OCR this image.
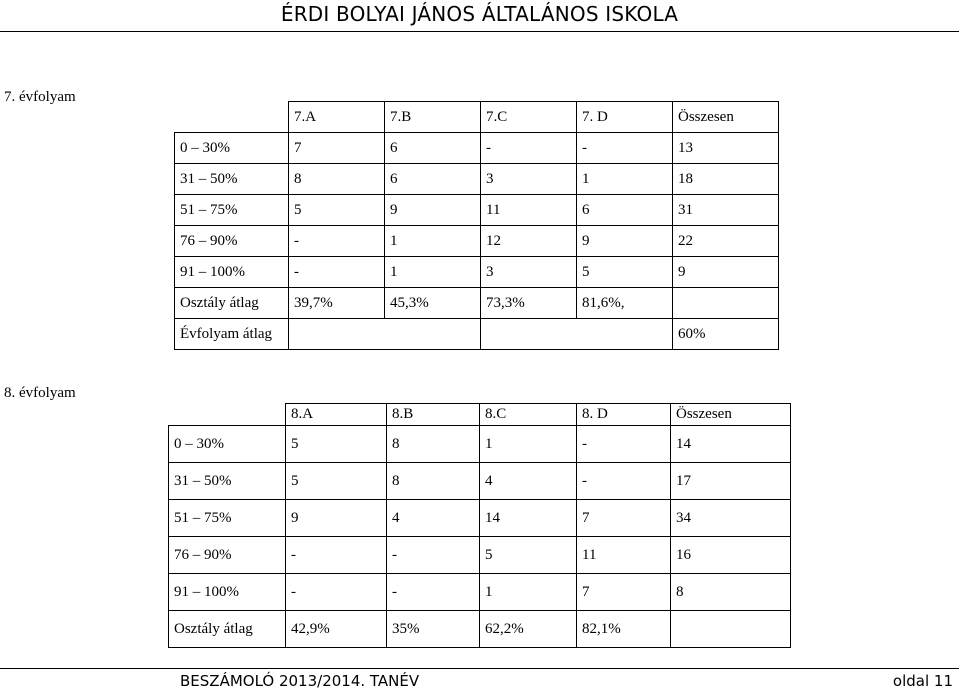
ÉRDI BOLYAI JÁNOS ÁLTALÁNOS ISKOLA
7. évfolyam
	7.A	7.B	7.C	7. D	Összesen
0 – 30%	7	6	-	-	13
31 – 50%	8	6	3	1	18
51 – 75%	5	9	11	6	31
76 – 90%	-	1	12	9	22
91 – 100%	-	1	3	5	9
Osztály átlag	39,7%	45,3%	73,3%	81,6%,	
Évfolyam átlag					60%
8. évfolyam
	8.A	8.B	8.C	8. D	Összesen
0 – 30%	5	8	1	-	14
31 – 50%	5	8	4	-	17
51 – 75%	9	4	14	7	34
76 – 90%	-	-	5	11	16
91 – 100%	-	-	1	7	8
Osztály átlag	42,9%	35%	62,2%	82,1%	
BESZÁMOLÓ 2013/2014. TANÉV	oldal 11
